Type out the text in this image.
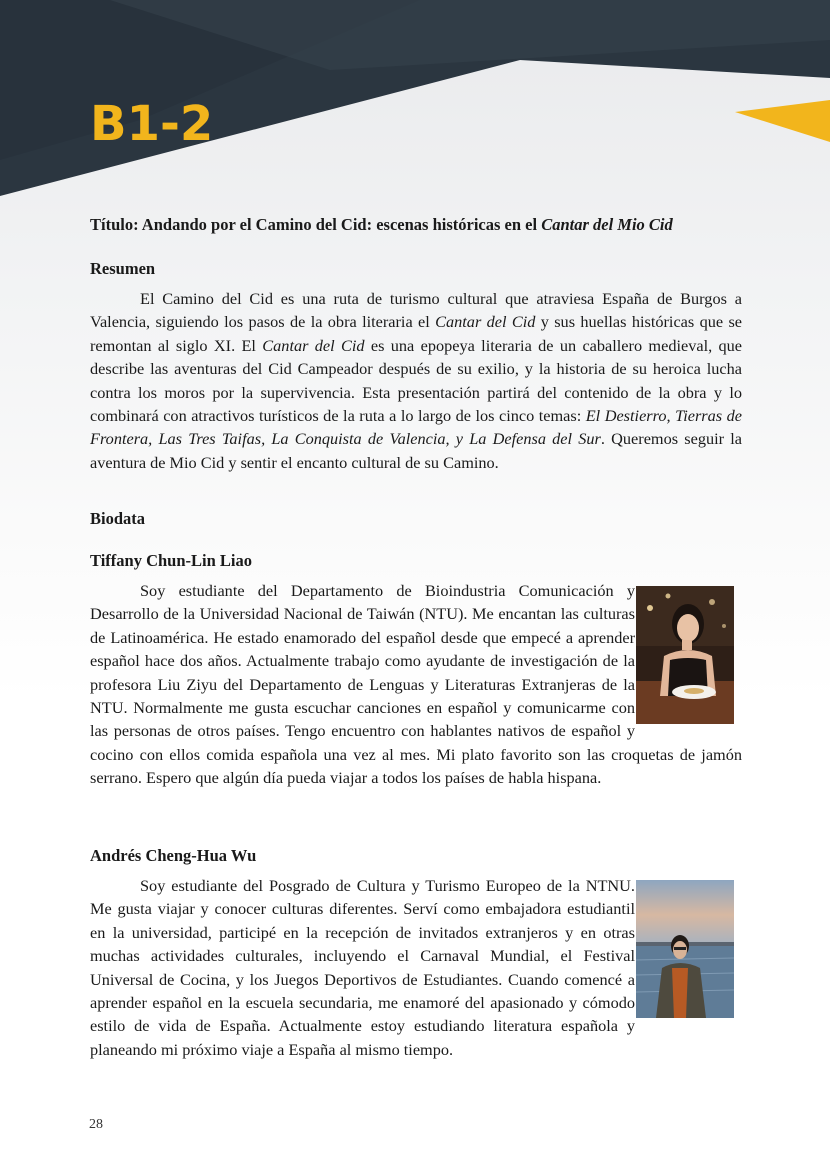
B1-2
Título: Andando por el Camino del Cid: escenas históricas en el Cantar del Mio Cid
Resumen
El Camino del Cid es una ruta de turismo cultural que atraviesa España de Burgos a Valencia, siguiendo los pasos de la obra literaria el Cantar del Cid y sus huellas históricas que se remontan al siglo XI. El Cantar del Cid es una epopeya literaria de un caballero medieval, que describe las aventuras del Cid Campeador después de su exilio, y la historia de su heroica lucha contra los moros por la supervivencia. Esta presentación partirá del contenido de la obra y lo combinará con atractivos turísticos de la ruta a lo largo de los cinco temas: El Destierro, Tierras de Frontera, Las Tres Taifas, La Conquista de Valencia, y La Defensa del Sur. Queremos seguir la aventura de Mio Cid y sentir el encanto cultural de su Camino.
Biodata
Tiffany Chun-Lin Liao
Soy estudiante del Departamento de Bioindustria Comunicación y Desarrollo de la Universidad Nacional de Taiwán (NTU). Me encantan las culturas de Latinoamérica. He estado enamorado del español desde que empecé a aprender español hace dos años. Actualmente trabajo como ayudante de investigación de la profesora Liu Ziyu del Departamento de Lenguas y Literaturas Extranjeras de la NTU. Normalmente me gusta escuchar canciones en español y comunicarme con las personas de otros países. Tengo encuentro con hablantes nativos de español y cocino con ellos comida española una vez al mes. Mi plato favorito son las croquetas de jamón serrano. Espero que algún día pueda viajar a todos los países de habla hispana.
Andrés Cheng-Hua Wu
Soy estudiante del Posgrado de Cultura y Turismo Europeo de la NTNU. Me gusta viajar y conocer culturas diferentes. Serví como embajadora estudiantil en la universidad, participé en la recepción de invitados extranjeros y en otras muchas actividades culturales, incluyendo el Carnaval Mundial, el Festival Universal de Cocina, y los Juegos Deportivos de Estudiantes. Cuando comencé a aprender español en la escuela secundaria, me enamoré del apasionado y cómodo estilo de vida de España. Actualmente estoy estudiando literatura española y planeando mi próximo viaje a España al mismo tiempo.
28
